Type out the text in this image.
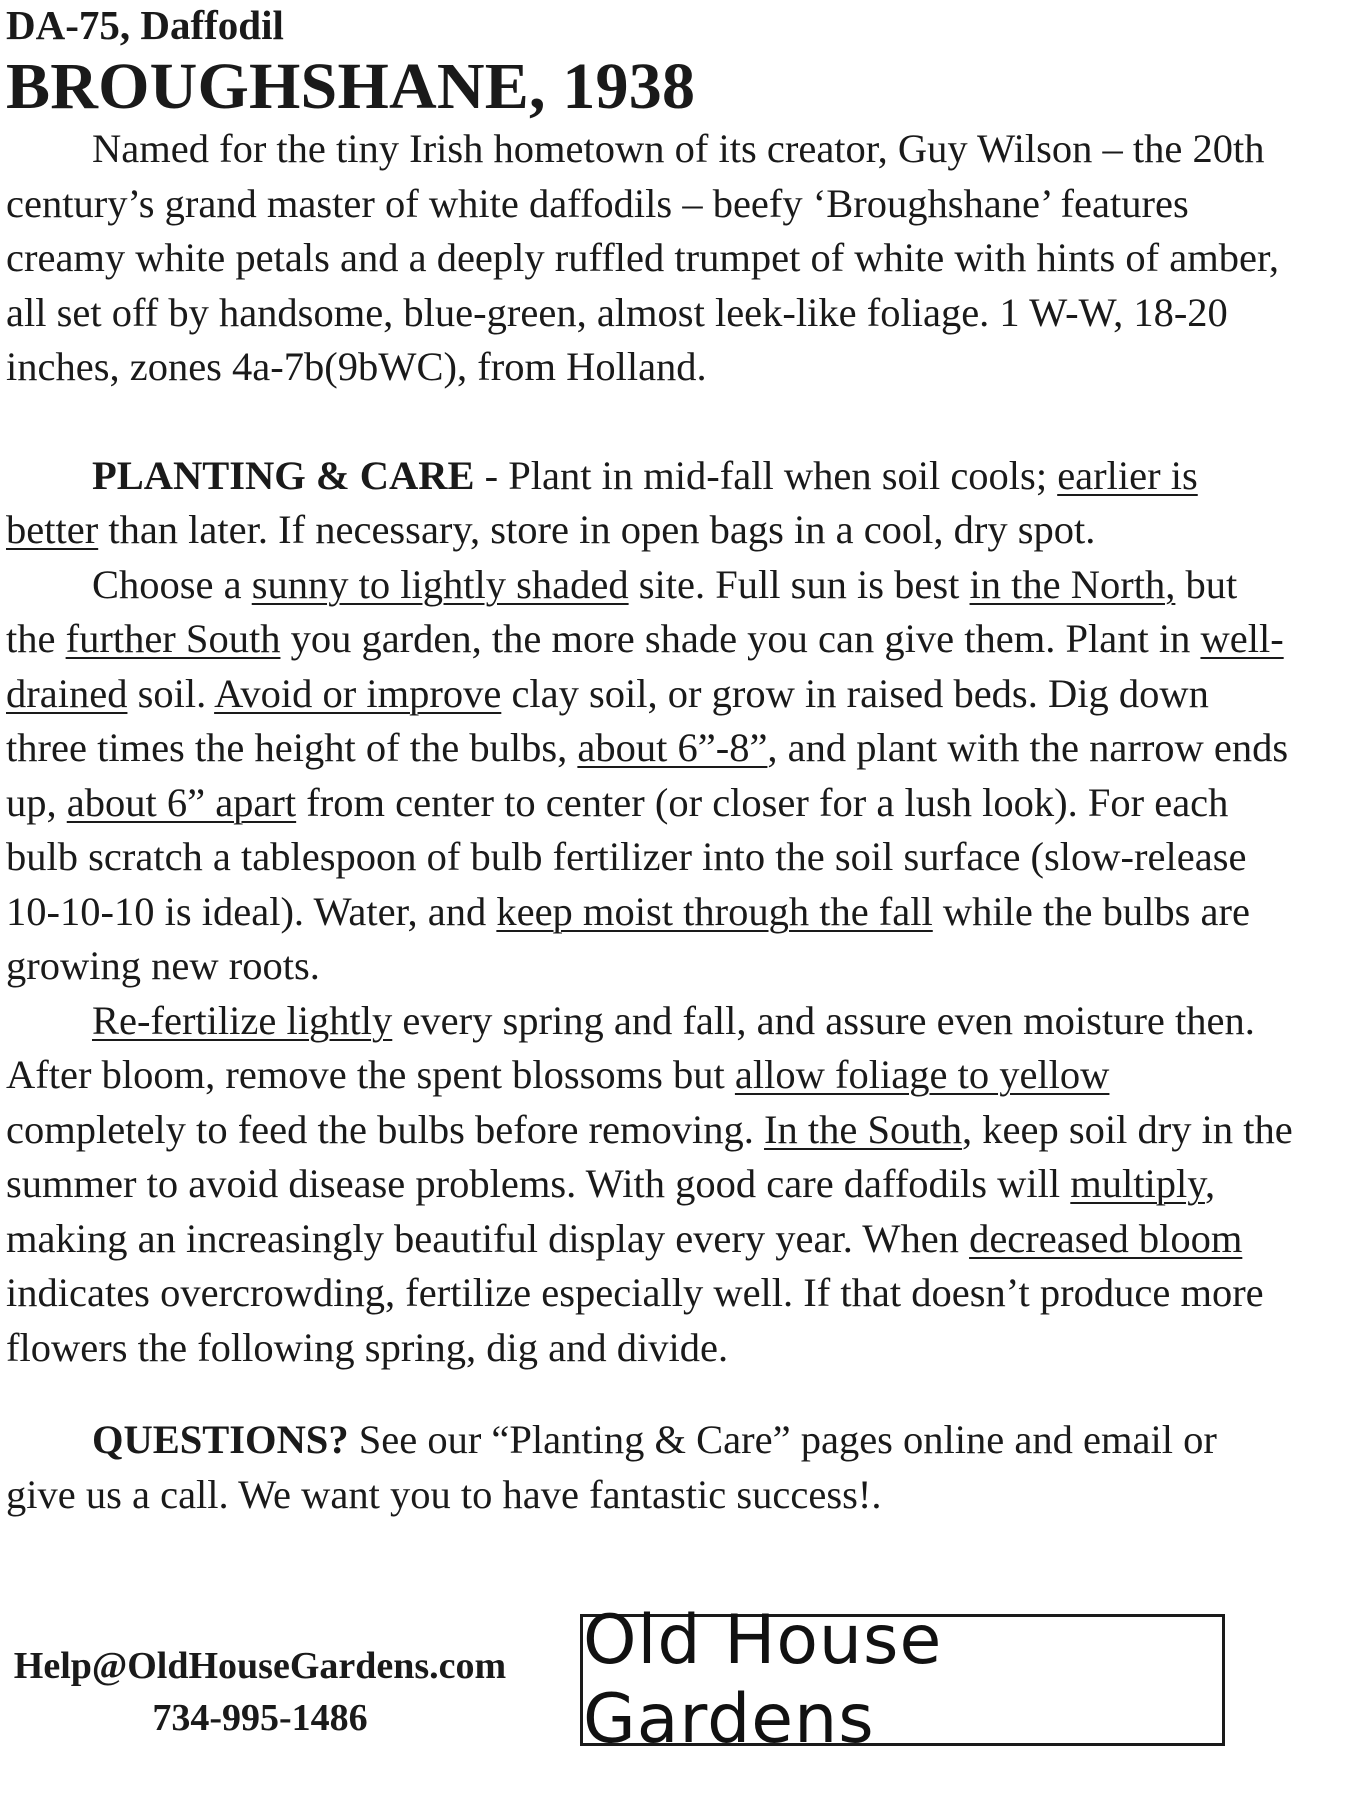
DA-75, Daffodil
BROUGHSHANE, 1938

Named for the tiny Irish hometown of its creator, Guy Wilson – the 20th century’s grand master of white daffodils – beefy ‘Broughshane’ features creamy white petals and a deeply ruffled trumpet of white with hints of amber, all set off by handsome, blue-green, almost leek-like foliage. 1 W-W, 18-20 inches, zones 4a-7b(9bWC), from Holland.

PLANTING & CARE - Plant in mid-fall when soil cools; earlier is better than later. If necessary, store in open bags in a cool, dry spot.

Choose a sunny to lightly shaded site. Full sun is best in the North, but the further South you garden, the more shade you can give them. Plant in well-drained soil. Avoid or improve clay soil, or grow in raised beds. Dig down three times the height of the bulbs, about 6”-8”, and plant with the narrow ends up, about 6” apart from center to center (or closer for a lush look). For each bulb scratch a tablespoon of bulb fertilizer into the soil surface (slow-release 10-10-10 is ideal). Water, and keep moist through the fall while the bulbs are growing new roots.

Re-fertilize lightly every spring and fall, and assure even moisture then. After bloom, remove the spent blossoms but allow foliage to yellow completely to feed the bulbs before removing. In the South, keep soil dry in the summer to avoid disease problems. With good care daffodils will multiply, making an increasingly beautiful display every year. When decreased bloom indicates overcrowding, fertilize especially well. If that doesn’t produce more flowers the following spring, dig and divide.

QUESTIONS? See our “Planting & Care” pages online and email or give us a call. We want you to have fantastic success!.

Help@OldHouseGardens.com
734-995-1486
Old House Gardens
